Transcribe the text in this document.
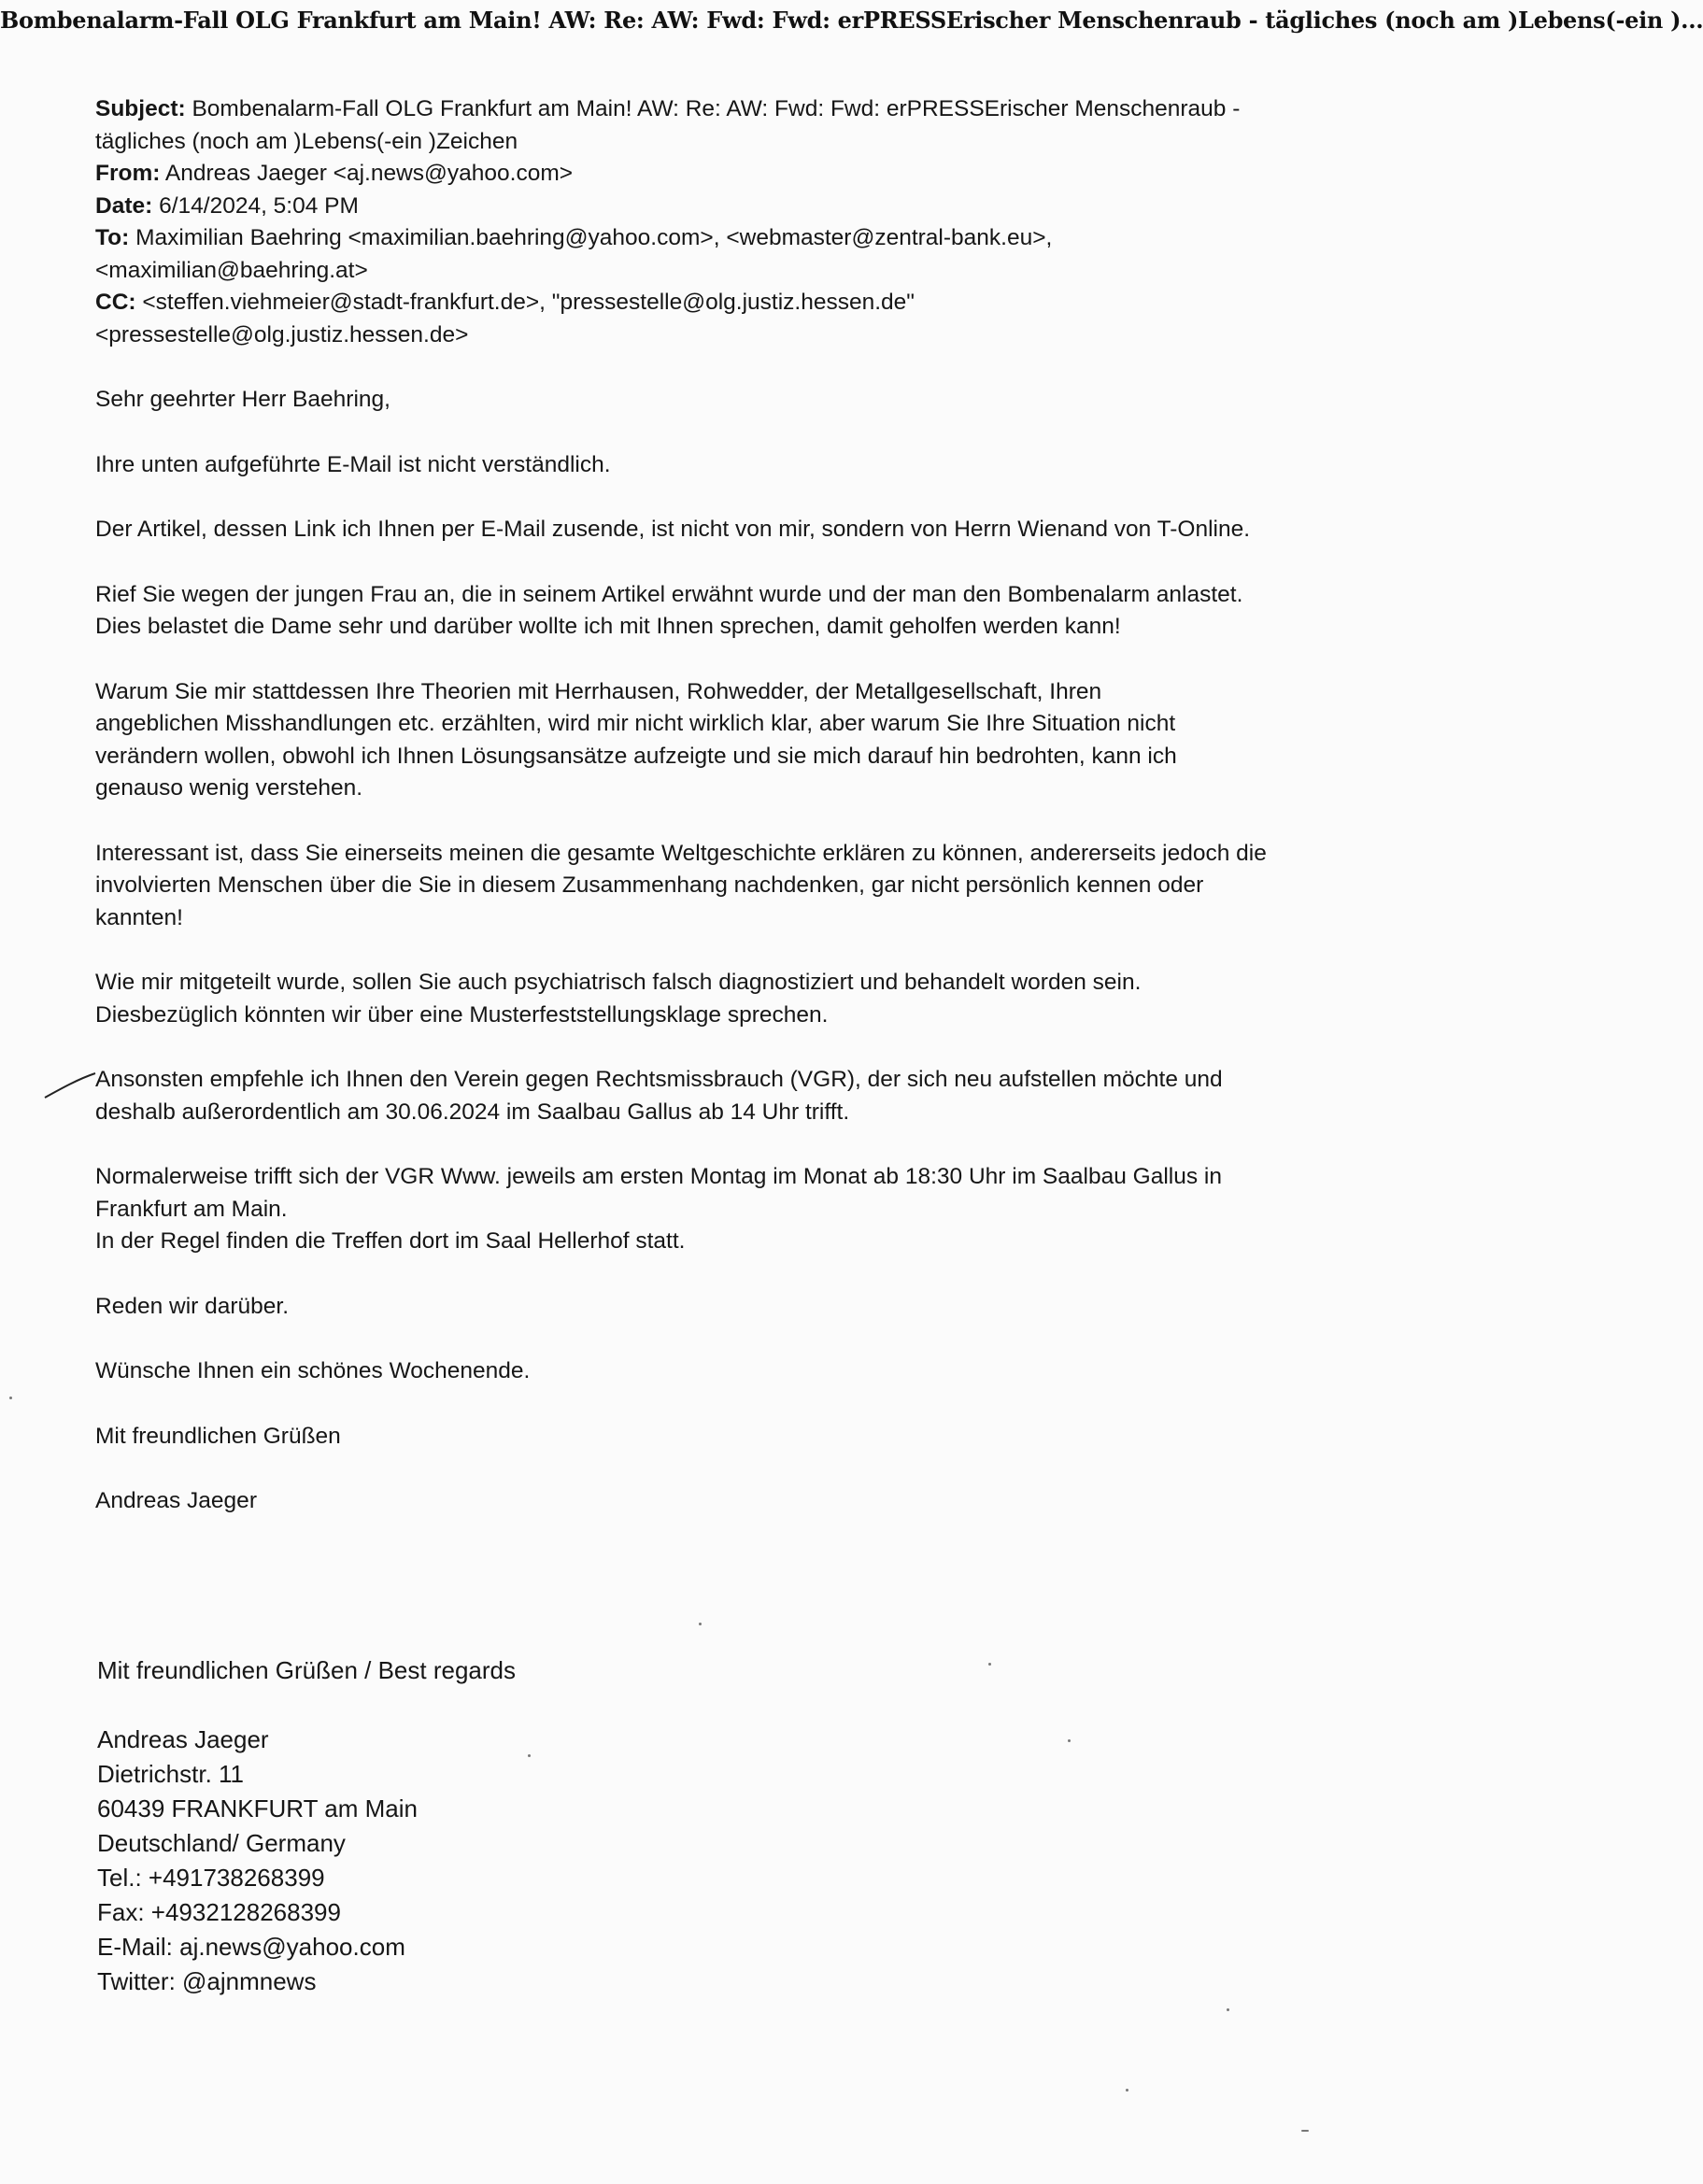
Bombenalarm-Fall OLG Frankfurt am Main! AW: Re: AW: Fwd: Fwd: erPRESSErischer Menschenraub - tägliches (noch am )Lebens(-ein )...

Subject: Bombenalarm-Fall OLG Frankfurt am Main! AW: Re: AW: Fwd: Fwd: erPRESSErischer Menschenraub -

tägliches (noch am )Lebens(-ein )Zeichen

From: Andreas Jaeger <aj.news@yahoo.com>

Date: 6/14/2024, 5:04 PM

To: Maximilian Baehring <maximilian.baehring@yahoo.com>, <webmaster@zentral-bank.eu>,

<maximilian@baehring.at>

CC: <steffen.viehmeier@stadt-frankfurt.de>, "pressestelle@olg.justiz.hessen.de"

<pressestelle@olg.justiz.hessen.de>

Sehr geehrter Herr Baehring,

Ihre unten aufgeführte E-Mail ist nicht verständlich.

Der Artikel, dessen Link ich Ihnen per E-Mail zusende, ist nicht von mir, sondern von Herrn Wienand von T-Online.

Rief Sie wegen der jungen Frau an, die in seinem Artikel erwähnt wurde und der man den Bombenalarm anlastet.

Dies belastet die Dame sehr und darüber wollte ich mit Ihnen sprechen, damit geholfen werden kann!

Warum Sie mir stattdessen Ihre Theorien mit Herrhausen, Rohwedder, der Metallgesellschaft, Ihren

angeblichen Misshandlungen etc. erzählten, wird mir nicht wirklich klar, aber warum Sie Ihre Situation nicht

verändern wollen, obwohl ich Ihnen Lösungsansätze aufzeigte und sie mich darauf hin bedrohten, kann ich

genauso wenig verstehen.

Interessant ist, dass Sie einerseits meinen die gesamte Weltgeschichte erklären zu können, andererseits jedoch die

involvierten Menschen über die Sie in diesem Zusammenhang nachdenken, gar nicht persönlich kennen oder

kannten!

Wie mir mitgeteilt wurde, sollen Sie auch psychiatrisch falsch diagnostiziert und behandelt worden sein.

Diesbezüglich könnten wir über eine Musterfeststellungsklage sprechen.

Ansonsten empfehle ich Ihnen den Verein gegen Rechtsmissbrauch (VGR), der sich neu aufstellen möchte und

deshalb außerordentlich am 30.06.2024 im Saalbau Gallus ab 14 Uhr trifft.

Normalerweise trifft sich der VGR Www. jeweils am ersten Montag im Monat ab 18:30 Uhr im Saalbau Gallus in

Frankfurt am Main.

In der Regel finden die Treffen dort im Saal Hellerhof statt.

Reden wir darüber.

Wünsche Ihnen ein schönes Wochenende.

Mit freundlichen Grüßen

Andreas Jaeger

Mit freundlichen Grüßen / Best regards

Andreas Jaeger

Dietrichstr. 11

60439 FRANKFURT am Main

Deutschland/ Germany

Tel.: +491738268399

Fax: +4932128268399

E-Mail: aj.news@yahoo.com

Twitter: @ajnmnews
